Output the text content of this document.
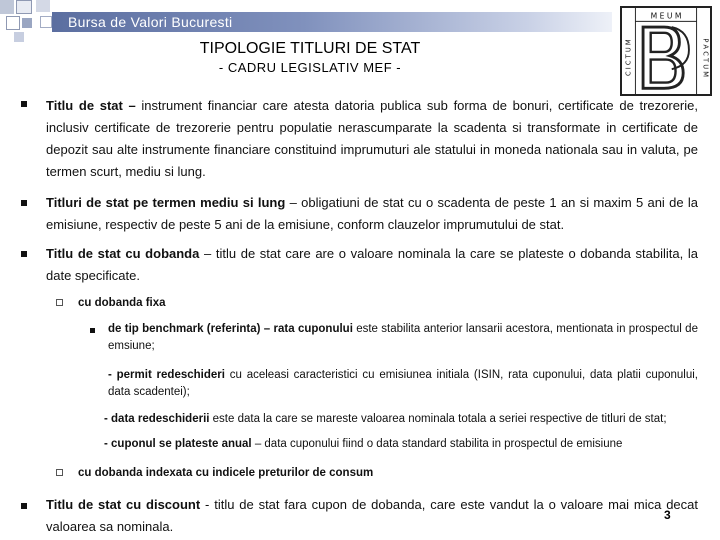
Bursa de Valori Bucuresti	M E U M
C I C T U M	P A C T U M
TIPOLOGIE TITLURI DE STAT
- CADRU LEGISLATIV MEF -
Titlu de stat – instrument financiar care atesta datoria publica sub forma de bonuri, certificate de trezorerie, inclusiv certificate de trezorerie pentru populatie nerascumparate la scadenta si transformate in certificate de depozit sau alte instrumente financiare constituind imprumuturi ale statului in moneda nationala sau in valuta, pe termen scurt, mediu si lung.
Titluri de stat pe termen mediu si lung – obligatiuni de stat cu o scadenta de peste 1 an si maxim 5 ani de la emisiune, respectiv de peste 5 ani de la emisiune, conform clauzelor imprumutului de stat.
Titlu de stat cu dobanda – titlu de stat care are o valoare nominala la care se plateste o dobanda stabilita, la date specificate.
cu dobanda fixa
de tip benchmark (referinta) – rata cuponului este stabilita anterior lansarii acestora, mentionata in prospectul de emsiune;
- permit redeschideri cu aceleasi caracteristici cu emisiunea initiala (ISIN, rata cuponului, data platii cuponului, data scadentei);
- data redeschiderii este data la care se mareste valoarea nominala totala a seriei respective de titluri de stat;
- cuponul se plateste anual – data cuponului fiind o data standard stabilita in prospectul de emisiune
cu dobanda indexata cu indicele preturilor de consum
Titlu de stat cu discount - titlu de stat fara cupon de dobanda, care este vandut la o valoare mai mica decat valoarea sa nominala.
3
